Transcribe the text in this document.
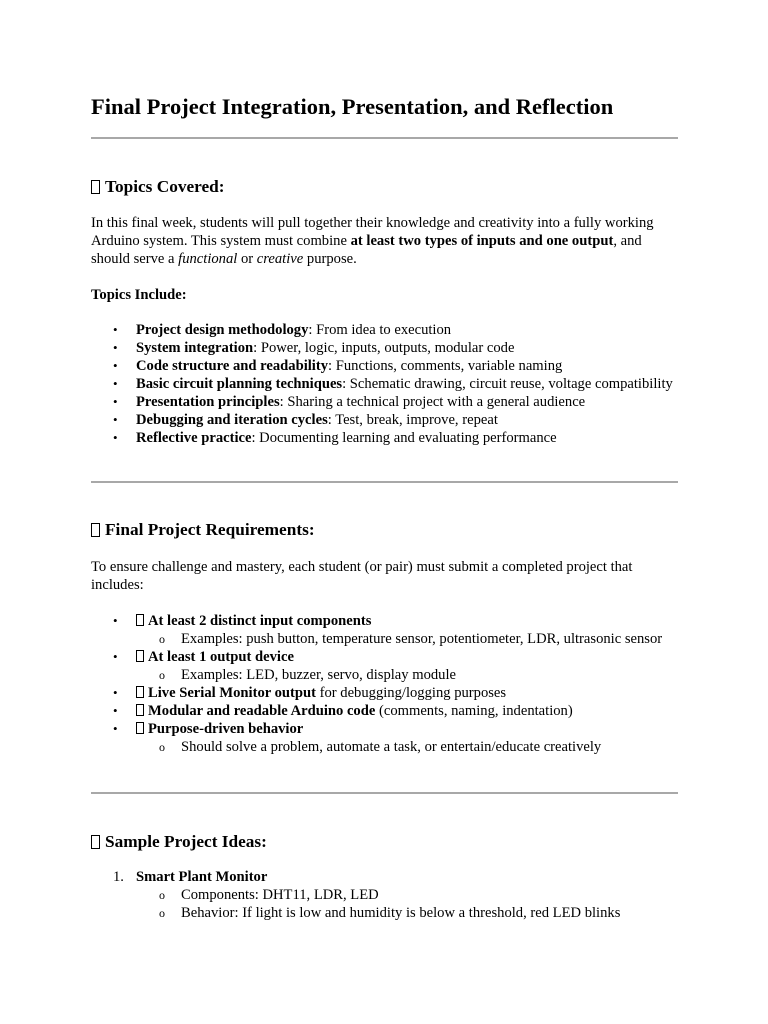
Final Project Integration, Presentation, and Reflection
Topics Covered:

In this final week, students will pull together their knowledge and creativity into a fully working Arduino system. This system must combine at least two types of inputs and one output, and should serve a functional or creative purpose.

Topics Include:
• Project design methodology: From idea to execution
• System integration: Power, logic, inputs, outputs, modular code
• Code structure and readability: Functions, comments, variable naming
• Basic circuit planning techniques: Schematic drawing, circuit reuse, voltage compatibility
• Presentation principles: Sharing a technical project with a general audience
• Debugging and iteration cycles: Test, break, improve, repeat
• Reflective practice: Documenting learning and evaluating performance
Final Project Requirements:

To ensure challenge and mastery, each student (or pair) must submit a completed project that includes:

• At least 2 distinct input components
o Examples: push button, temperature sensor, potentiometer, LDR, ultrasonic sensor
• At least 1 output device
o Examples: LED, buzzer, servo, display module
• Live Serial Monitor output for debugging/logging purposes
• Modular and readable Arduino code (comments, naming, indentation)
• Purpose-driven behavior
o Should solve a problem, automate a task, or entertain/educate creatively
Sample Project Ideas:
1. Smart Plant Monitor
o Components: DHT11, LDR, LED
o Behavior: If light is low and humidity is below a threshold, red LED blinks
